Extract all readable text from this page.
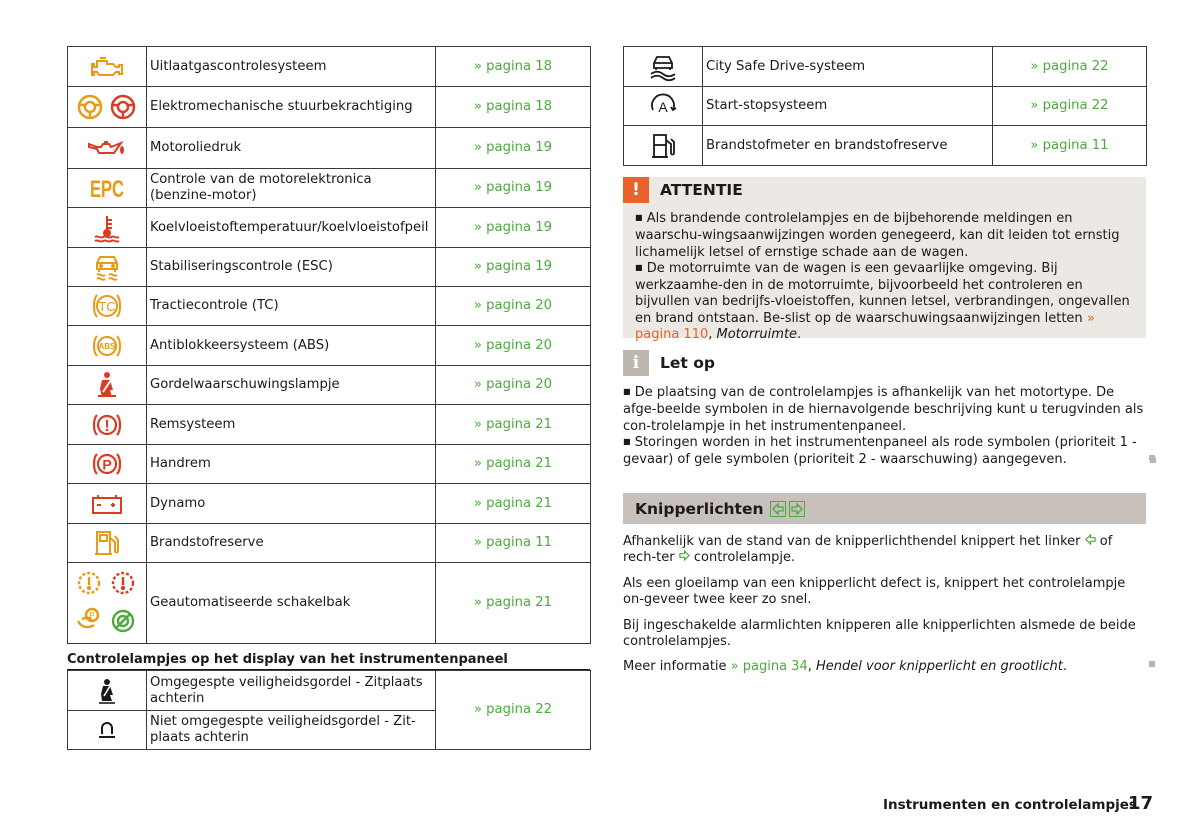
	Uitlaatgascontrolesysteem	» pagina 18
	Elektromechanische stuurbekrachtiging	» pagina 18
	Motoroliedruk	» pagina 19

EPC	Controle van de motorelektronica (benzine-motor)	» pagina 19
	Koelvloeistoftemperatuur/koelvloeistofpeil	» pagina 19
	Stabiliseringscontrole (ESC)	» pagina 19

TC	Tractiecontrole (TC)	» pagina 20

ABS	Antiblokkeersysteem (ABS)	» pagina 20
	Gordelwaarschuwingslampje	» pagina 20

!	Remsysteem	» pagina 21

P	Handrem	» pagina 21
	Dynamo	» pagina 21
	Brandstofreserve	» pagina 11

P	Geautomatiseerde schakelbak	» pagina 21
Controlelampjes op het display van het instrumentenpaneel
	Omgegespte veiligheidsgordel - Zitplaats achterin	» pagina 22
	Niet omgegespte veiligheidsgordel - Zit-plaats achterin	
	City Safe Drive-systeem	» pagina 22

A	Start-stopsysteem	» pagina 22
	Brandstofmeter en brandstofreserve	» pagina 11
!	ATTENTIE

■ Als brandende controlelampjes en de bijbehorende meldingen en waarschu-wingsaanwijzingen worden genegeerd, kan dit leiden tot ernstig lichamelijk letsel of ernstige schade aan de wagen.

■ De motorruimte van de wagen is een gevaarlijke omgeving. Bij werkzaamhe-den in de motorruimte, bijvoorbeeld het controleren en bijvullen van bedrijfs-vloeistoffen, kunnen letsel, verbrandingen, ongevallen en brand ontstaan. Be-slist op de waarschuwingsaanwijzingen letten » pagina 110, Motorruimte.

i	Let op

■ De plaatsing van de controlelampjes is afhankelijk van het motortype. De afge-beelde symbolen in de hiernavolgende beschrijving kunt u terugvinden als con-trolelampje in het instrumentenpaneel.

■ Storingen worden in het instrumentenpaneel als rode symbolen (prioriteit 1 - gevaar) of gele symbolen (prioriteit 2 - waarschuwing) aangegeven.

Knipperlichten
Afhankelijk van de stand van de knipperlichthendel knippert het linker of rech-ter controlelampje.
Als een gloeilamp van een knipperlicht defect is, knippert het controlelampje on-geveer twee keer zo snel.
Bij ingeschakelde alarmlichten knipperen alle knipperlichten alsmede de beide controlelampjes.
Meer informatie » pagina 34, Hendel voor knipperlicht en grootlicht.
Instrumenten en controlelampjes
17
